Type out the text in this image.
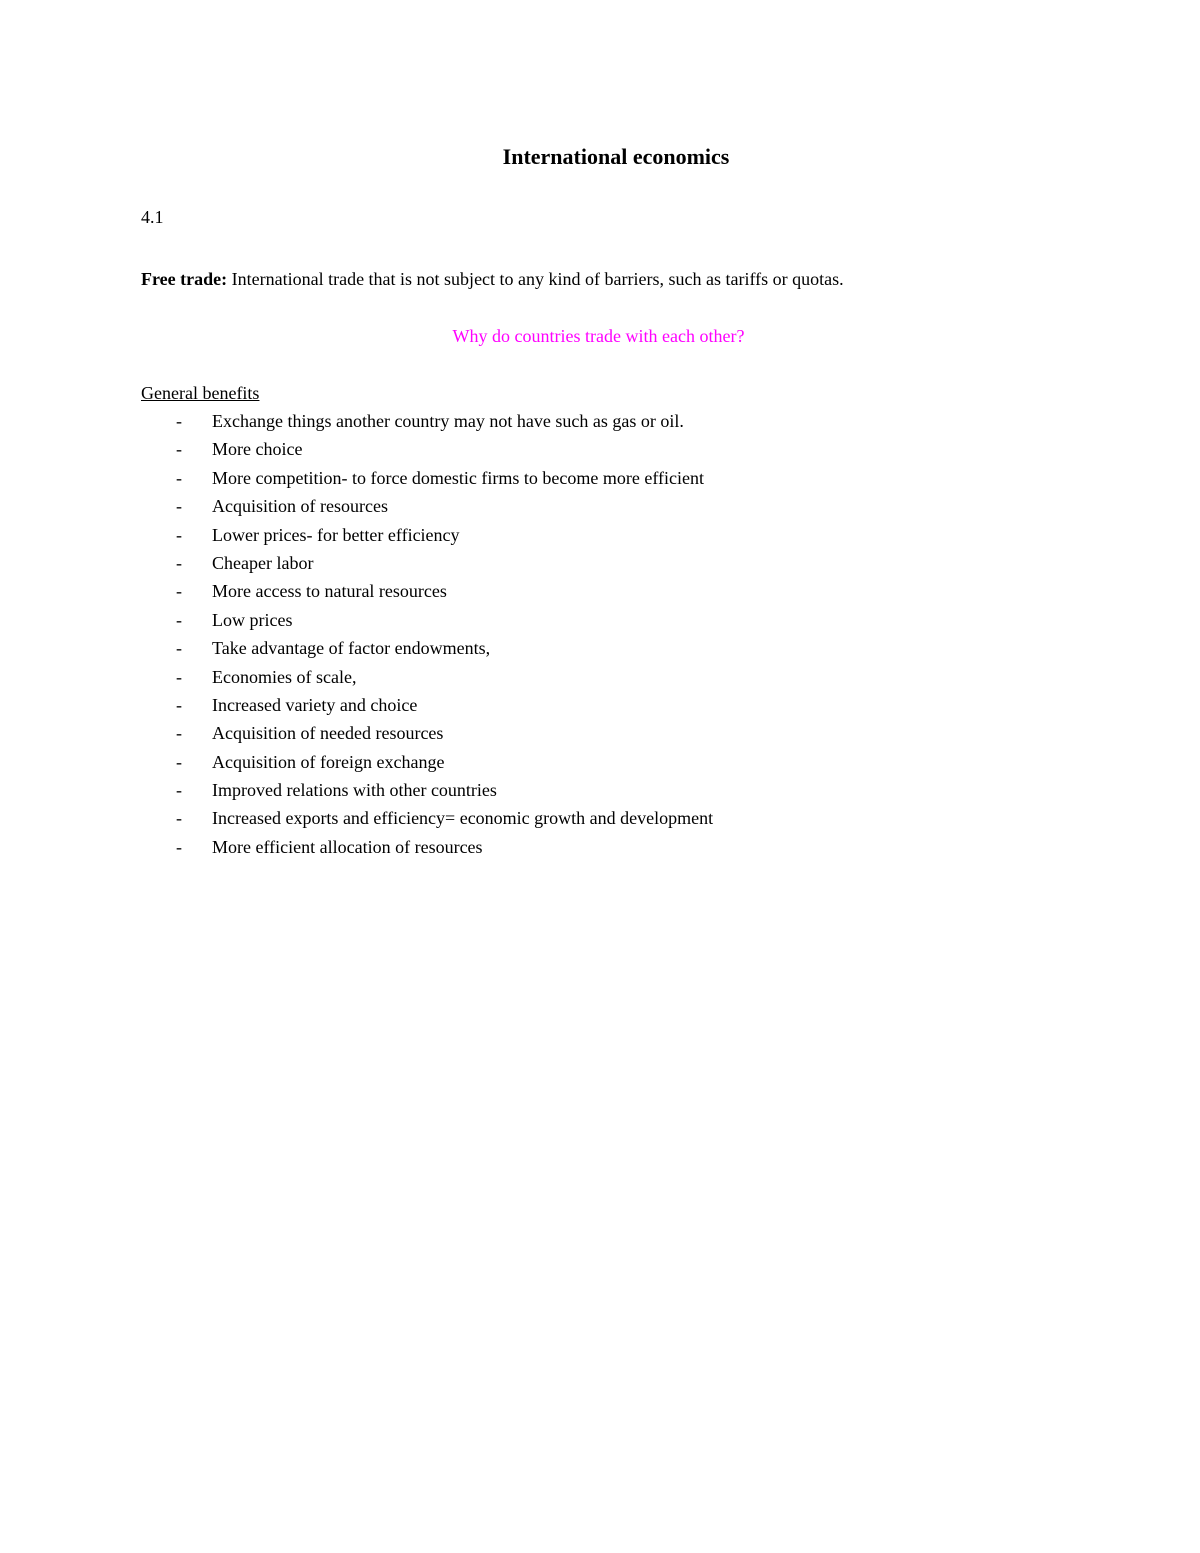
International economics

4.1

Free trade: International trade that is not subject to any kind of barriers, such as tariffs or quotas.

Why do countries trade with each other?

General benefits

- Exchange things another country may not have such as gas or oil.
- More choice
- More competition- to force domestic firms to become more efficient
- Acquisition of resources
- Lower prices- for better efficiency
- Cheaper labor
- More access to natural resources
- Low prices
- Take advantage of factor endowments,
- Economies of scale,
- Increased variety and choice
- Acquisition of needed resources
- Acquisition of foreign exchange
- Improved relations with other countries
- Increased exports and efficiency= economic growth and development
- More efficient allocation of resources
